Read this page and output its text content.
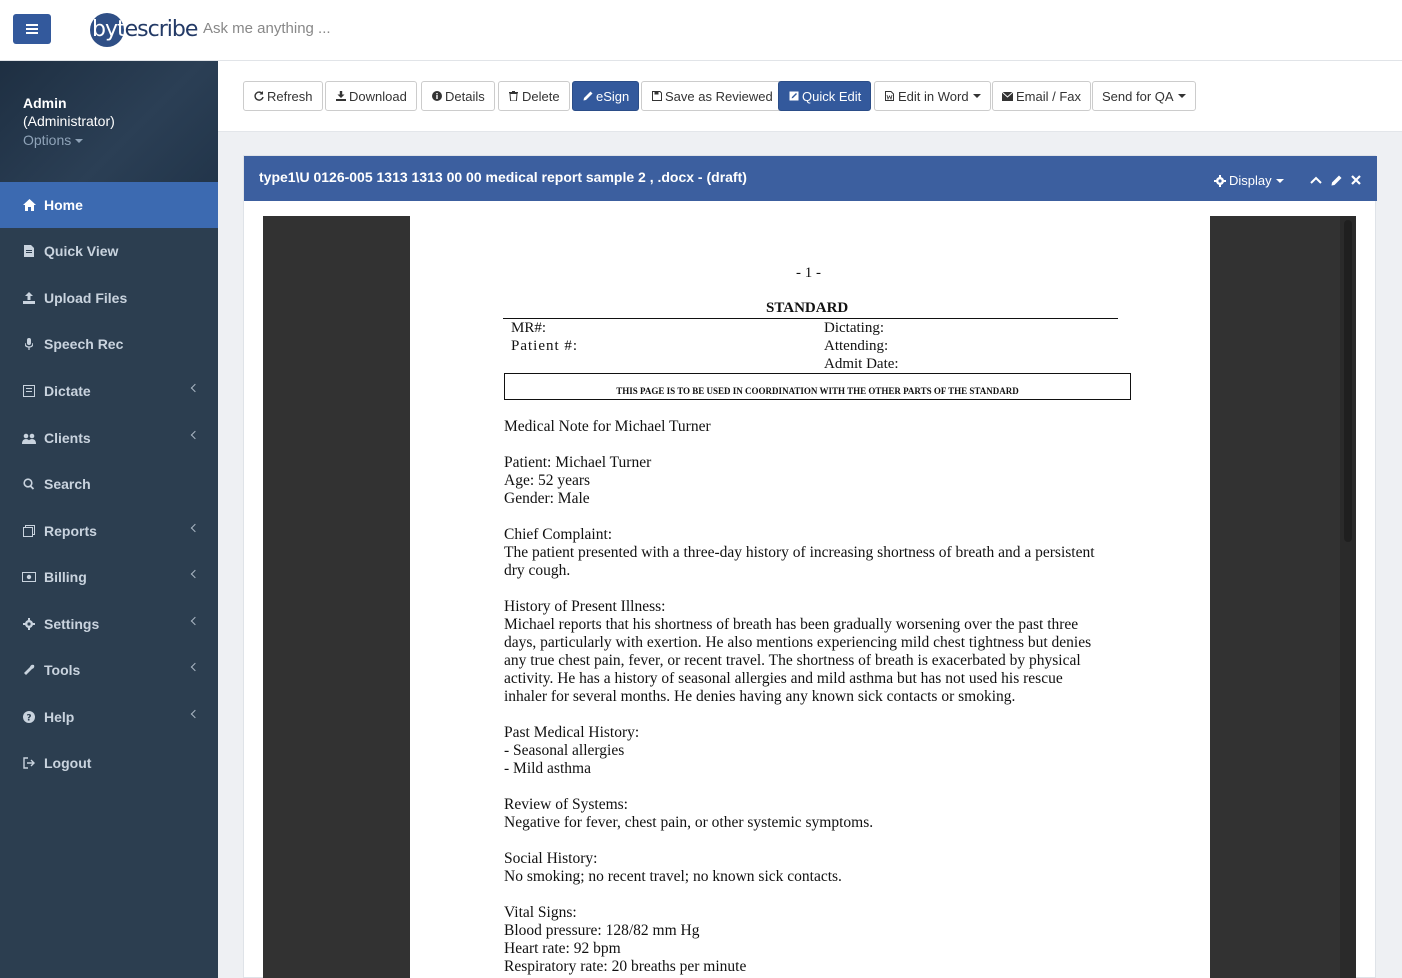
bytescribe Ask me anything ...
Admin
(Administrator)
Options
Home
Quick View
Upload Files
Speech Rec
Dictate
Clients
Search
Reports
Billing
Settings
Tools
? Help
Logout
Refresh	Download	Details	Delete	eSign	Save as Reviewed Quick Edit	Edit in Word	Email / Fax Send for QA
type1\U 0126-005 1313 1313 00 00 medical report sample 2 , .docx - (draft)	Display
- 1 -
STANDARD
MR#:
Patient #:
Dictating:
Attending:
Admit Date:
THIS PAGE IS TO BE USED IN COORDINATION WITH THE OTHER PARTS OF THE STANDARD
Medical Note for Michael Turner
Patient: Michael Turner
Age: 52 years
Gender: Male
Chief Complaint:
The patient presented with a three-day history of increasing shortness of breath and a persistent
dry cough.
History of Present Illness:
Michael reports that his shortness of breath has been gradually worsening over the past three
days, particularly with exertion. He also mentions experiencing mild chest tightness but denies
any true chest pain, fever, or recent travel. The shortness of breath is exacerbated by physical
activity. He has a history of seasonal allergies and mild asthma but has not used his rescue
inhaler for several months. He denies having any known sick contacts or smoking.
Past Medical History:
- Seasonal allergies
- Mild asthma
Review of Systems:
Negative for fever, chest pain, or other systemic symptoms.
Social History:
No smoking; no recent travel; no known sick contacts.
Vital Signs:
Blood pressure: 128/82 mm Hg
Heart rate: 92 bpm
Respiratory rate: 20 breaths per minute
